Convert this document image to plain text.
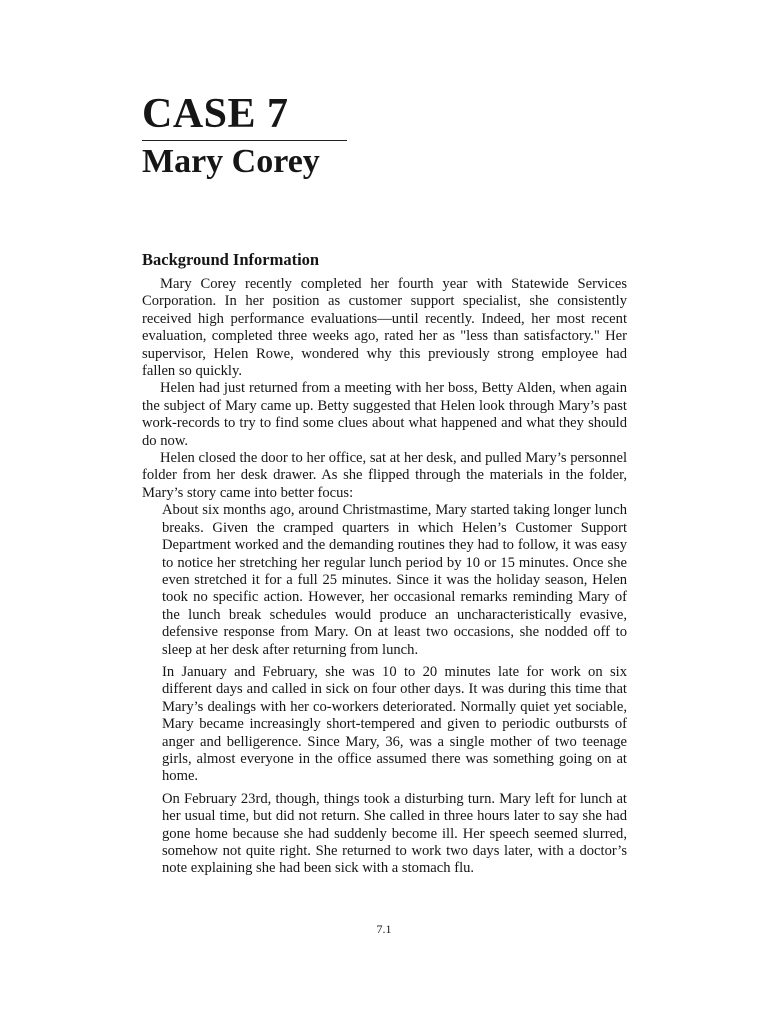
CASE 7
Mary Corey
Background Information

Mary Corey recently completed her fourth year with Statewide Services Corporation. In her position as customer support specialist, she consistently received high performance evaluations—until recently. Indeed, her most recent evaluation, completed three weeks ago, rated her as "less than satisfactory." Her supervisor, Helen Rowe, wondered why this previously strong employee had fallen so quickly.

Helen had just returned from a meeting with her boss, Betty Alden, when again the subject of Mary came up. Betty suggested that Helen look through Mary’s past work-records to try to find some clues about what happened and what they should do now.

Helen closed the door to her office, sat at her desk, and pulled Mary’s personnel folder from her desk drawer. As she flipped through the materials in the folder, Mary’s story came into better focus:

About six months ago, around Christmastime, Mary started taking longer lunch breaks. Given the cramped quarters in which Helen’s Customer Support Department worked and the demanding routines they had to follow, it was easy to notice her stretching her regular lunch period by 10 or 15 minutes. Once she even stretched it for a full 25 minutes. Since it was the holiday season, Helen took no specific action. However, her occasional remarks reminding Mary of the lunch break schedules would produce an uncharacteristically evasive, defensive response from Mary. On at least two occasions, she nodded off to sleep at her desk after returning from lunch.

In January and February, she was 10 to 20 minutes late for work on six different days and called in sick on four other days. It was during this time that Mary’s dealings with her co-workers deteriorated. Normally quiet yet sociable, Mary became increasingly short-tempered and given to periodic outbursts of anger and belligerence. Since Mary, 36, was a single mother of two teenage girls, almost everyone in the office assumed there was something going on at home.

On February 23rd, though, things took a disturbing turn. Mary left for lunch at her usual time, but did not return. She called in three hours later to say she had gone home because she had suddenly become ill. Her speech seemed slurred, somehow not quite right. She returned to work two days later, with a doctor’s note explaining she had been sick with a stomach flu.

7.1
